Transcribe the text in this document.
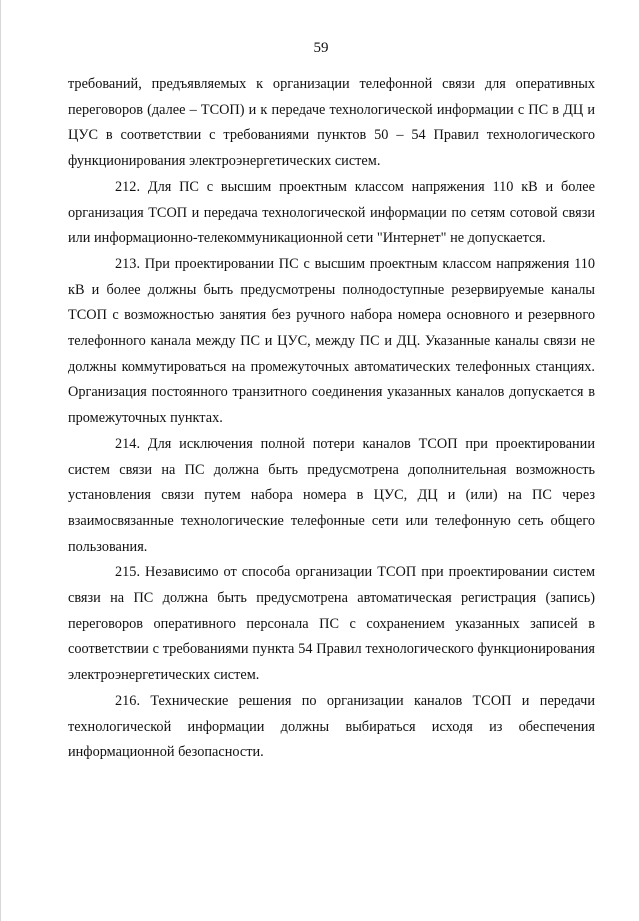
59

требований, предъявляемых к организации телефонной связи для оперативных переговоров (далее – ТСОП) и к передаче технологической информации с ПС в ДЦ и ЦУС в соответствии с требованиями пунктов 50 – 54 Правил технологического функционирования электроэнергетических систем.

212. Для ПС с высшим проектным классом напряжения 110 кВ и более организация ТСОП и передача технологической информации по сетям сотовой связи или информационно-телекоммуникационной сети "Интернет" не допускается.

213. При проектировании ПС с высшим проектным классом напряжения 110 кВ и более должны быть предусмотрены полнодоступные резервируемые каналы ТСОП с возможностью занятия без ручного набора номера основного и резервного телефонного канала между ПС и ЦУС, между ПС и ДЦ. Указанные каналы связи не должны коммутироваться на промежуточных автоматических телефонных станциях. Организация постоянного транзитного соединения указанных каналов допускается в промежуточных пунктах.

214. Для исключения полной потери каналов ТСОП при проектировании систем связи на ПС должна быть предусмотрена дополнительная возможность установления связи путем набора номера в ЦУС, ДЦ и (или) на ПС через взаимосвязанные технологические телефонные сети или телефонную сеть общего пользования.

215. Независимо от способа организации ТСОП при проектировании систем связи на ПС должна быть предусмотрена автоматическая регистрация (запись) переговоров оперативного персонала ПС с сохранением указанных записей в соответствии с требованиями пункта 54 Правил технологического функционирования электроэнергетических систем.

216. Технические решения по организации каналов ТСОП и передачи технологической информации должны выбираться исходя из обеспечения информационной безопасности.
